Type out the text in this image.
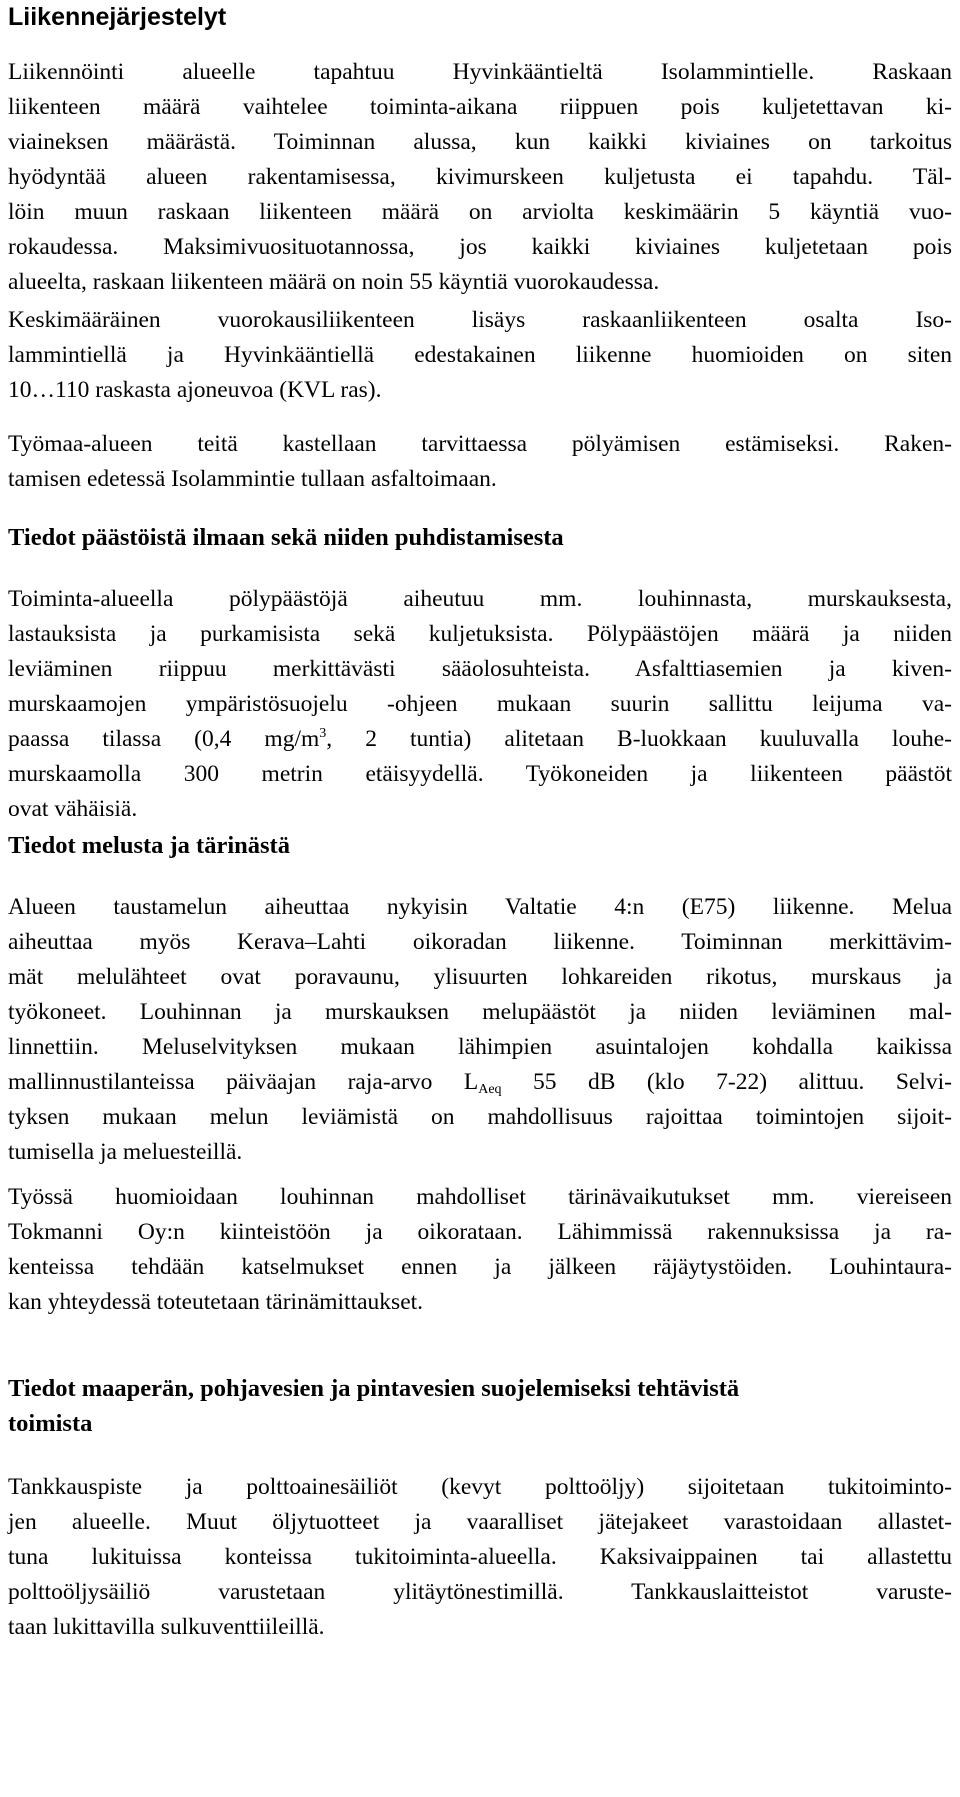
Liikennejärjestelyt
Liikennöinti alueelle tapahtuu Hyvinkääntieltä Isolammintielle. Raskaan
liikenteen määrä vaihtelee toiminta-aikana riippuen pois kuljetettavan ki-
viaineksen määrästä. Toiminnan alussa, kun kaikki kiviaines on tarkoitus
hyödyntää alueen rakentamisessa, kivimurskeen kuljetusta ei tapahdu. Täl-
löin muun raskaan liikenteen määrä on arviolta keskimäärin 5 käyntiä vuo-
rokaudessa. Maksimivuosituotannossa, jos kaikki kiviaines kuljetetaan pois
alueelta, raskaan liikenteen määrä on noin 55 käyntiä vuorokaudessa.
Keskimääräinen vuorokausiliikenteen lisäys raskaanliikenteen osalta Iso-
lammintiellä ja Hyvinkääntiellä edestakainen liikenne huomioiden on siten
10…110 raskasta ajoneuvoa (KVL ras).
Työmaa-alueen teitä kastellaan tarvittaessa pölyämisen estämiseksi. Raken-
tamisen edetessä Isolammintie tullaan asfaltoimaan.
Tiedot päästöistä ilmaan sekä niiden puhdistamisesta
Toiminta-alueella pölypäästöjä aiheutuu mm. louhinnasta, murskauksesta,
lastauksista ja purkamisista sekä kuljetuksista. Pölypäästöjen määrä ja niiden
leviäminen riippuu merkittävästi sääolosuhteista. Asfalttiasemien ja kiven-
murskaamojen ympäristösuojelu -ohjeen mukaan suurin sallittu leijuma va-
paassa tilassa (0,4 $mg/m^3$, 2 tuntia) alitetaan B-luokkaan kuuluvalla louhe-
murskaamolla 300 metrin etäisyydellä. Työkoneiden ja liikenteen päästöt
ovat vähäisiä.
Tiedot melusta ja tärinästä
Alueen taustamelun aiheuttaa nykyisin Valtatie 4:n (E75) liikenne. Melua
aiheuttaa myös Kerava–Lahti oikoradan liikenne. Toiminnan merkittävim-
mät melulähteet ovat poravaunu, ylisuurten lohkareiden rikotus, murskaus ja
työkoneet. Louhinnan ja murskauksen melupäästöt ja niiden leviäminen mal-
linnettiin. Meluselvityksen mukaan lähimpien asuintalojen kohdalla kaikissa
mallinnustilanteissa päiväajan raja-arvo $L_{Aeq}$ 55 dB (klo 7-22) alittuu. Selvi-
tyksen mukaan melun leviämistä on mahdollisuus rajoittaa toimintojen sijoit-
tumisella ja meluesteillä.
Työssä huomioidaan louhinnan mahdolliset tärinävaikutukset mm. viereiseen
Tokmanni Oy:n kiinteistöön ja oikorataan. Lähimmissä rakennuksissa ja ra-
kenteissa tehdään katselmukset ennen ja jälkeen räjäytystöiden. Louhintaura-
kan yhteydessä toteutetaan tärinämittaukset.
Tiedot maaperän, pohjavesien ja pintavesien suojelemiseksi tehtävistä
toimista
Tankkauspiste ja polttoainesäiliöt (kevyt polttoöljy) sijoitetaan tukitoiminto-
jen alueelle. Muut öljytuotteet ja vaaralliset jätejakeet varastoidaan allastet-
tuna lukituissa konteissa tukitoiminta-alueella. Kaksivaippainen tai allastettu
polttoöljysäiliö varustetaan ylitäytönestimillä. Tankkauslaitteistot varuste-
taan lukittavilla sulkuventtiileillä.
